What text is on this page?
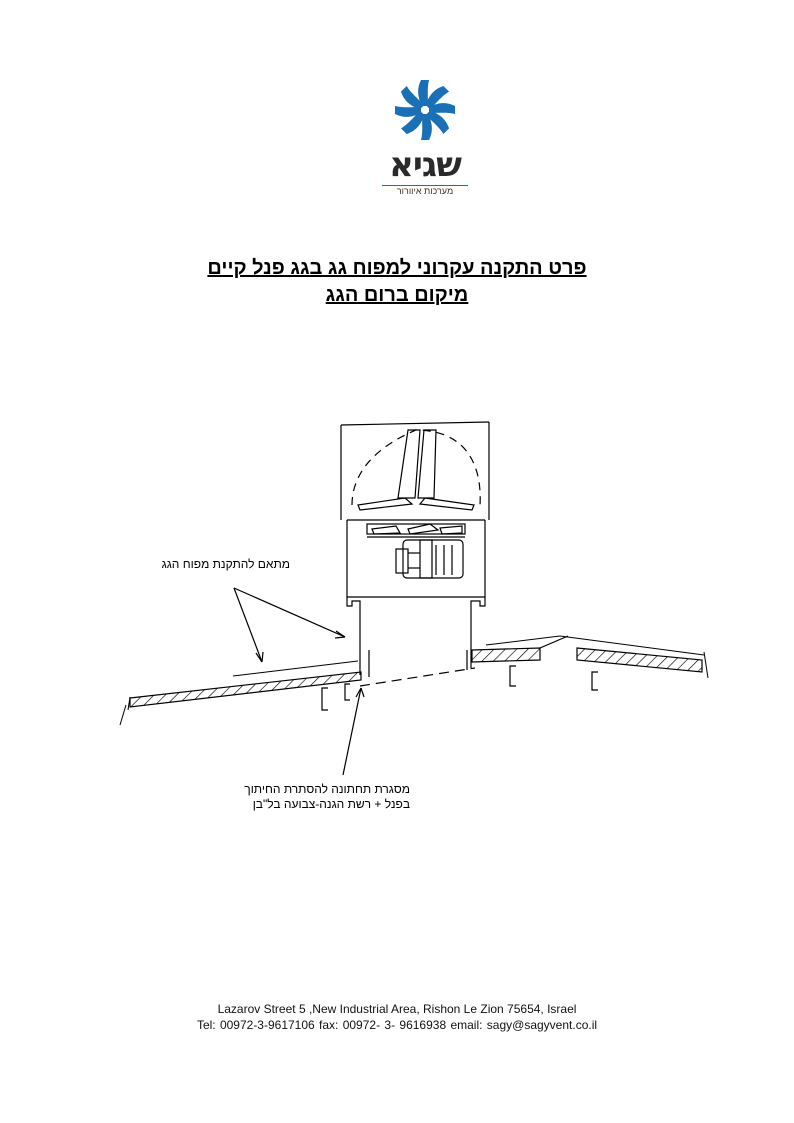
שגיא
מערכות איוורור
פרט התקנה עקרוני למפוח גג בגג פנל קיים
מיקום ברום הגג
מתאם להתקנת מפוח הגג
מסגרת תחתונה להסתרת החיתוך
בפנל + רשת הגנה-צבועה בל"בן
Lazarov Street 5 ,New Industrial Area, Rishon Le Zion 75654, Israel
Tel: 00972-3-9617106 fax: 00972- 3- 9616938 email: sagy@sagyvent.co.il
